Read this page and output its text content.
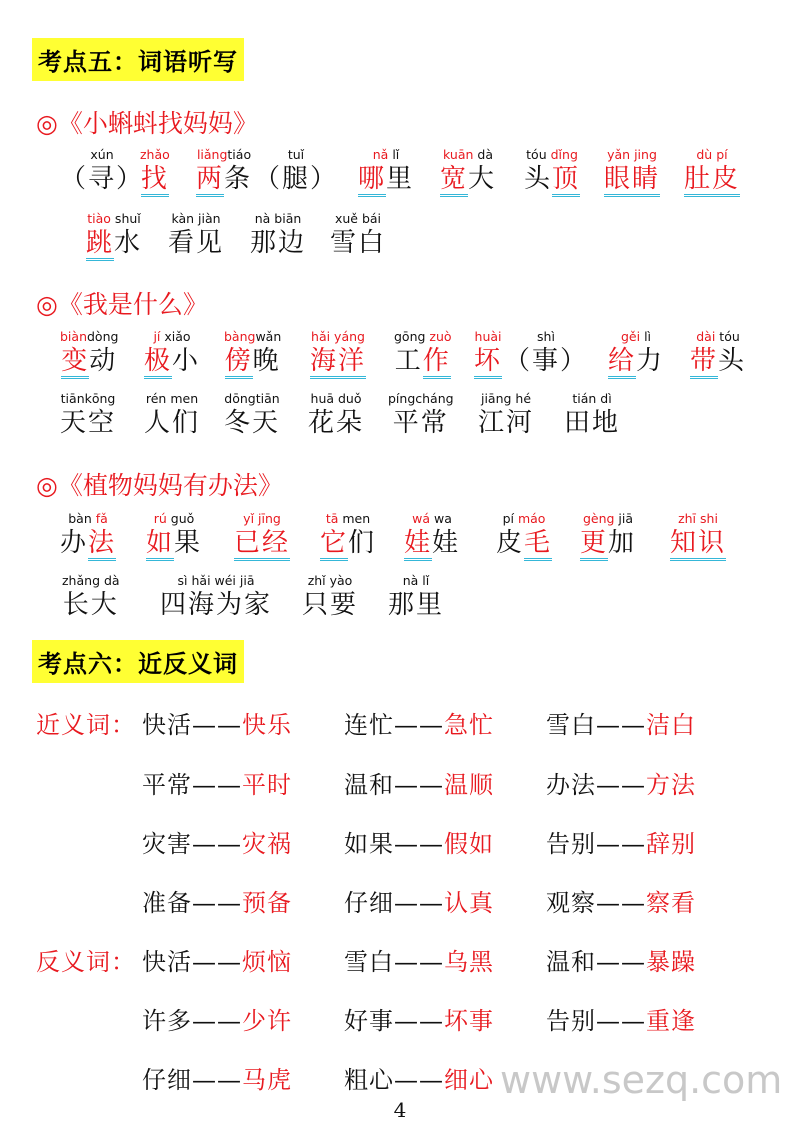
考点五：词语听写
◎《小蝌蚪找妈妈》
xún
（寻）
zhǎo
找
liǎngtiáo
两条
tuǐ
（腿）
nǎ lǐ
哪里
kuān dà
宽大
tóu dǐng
头顶
yǎn jing
眼睛
dù pí
肚皮
tiào shuǐ
跳水
kàn jiàn
看见
nà biān
那边
xuě bái
雪白
◎《我是什么》
biàndòng
变动
jí xiǎo
极小
bàngwǎn
傍晚
hǎi yáng
海洋
gōng zuò
工作
huài
坏
shì
（事）
gěi lì
给力
dài tóu
带头
tiānkōng
天空
rén men
人们
dōngtiān
冬天
huā duǒ
花朵
píngcháng
平常
jiāng hé
江河
tián dì
田地
◎《植物妈妈有办法》
bàn fǎ
办法
rú guǒ
如果
yǐ jīng
已经
tā men
它们
wá wa
娃娃
pí máo
皮毛
gèng jiā
更加
zhī shi
知识
zhǎng dà
长大
sì hǎi wéi jiā
四海为家
zhǐ yào
只要
nà lǐ
那里
考点六：近反义词
近义词：
反义词：
快活——快乐 连忙——急忙 雪白——洁白
平常——平时 温和——温顺 办法——方法
灾害——灾祸 如果——假如 告别——辞别
准备——预备 仔细——认真 观察——察看
快活——烦恼 雪白——乌黑 温和——暴躁
许多——少许 好事——坏事 告别——重逢
仔细——马虎 粗心——细心 www.sezq.com
4
